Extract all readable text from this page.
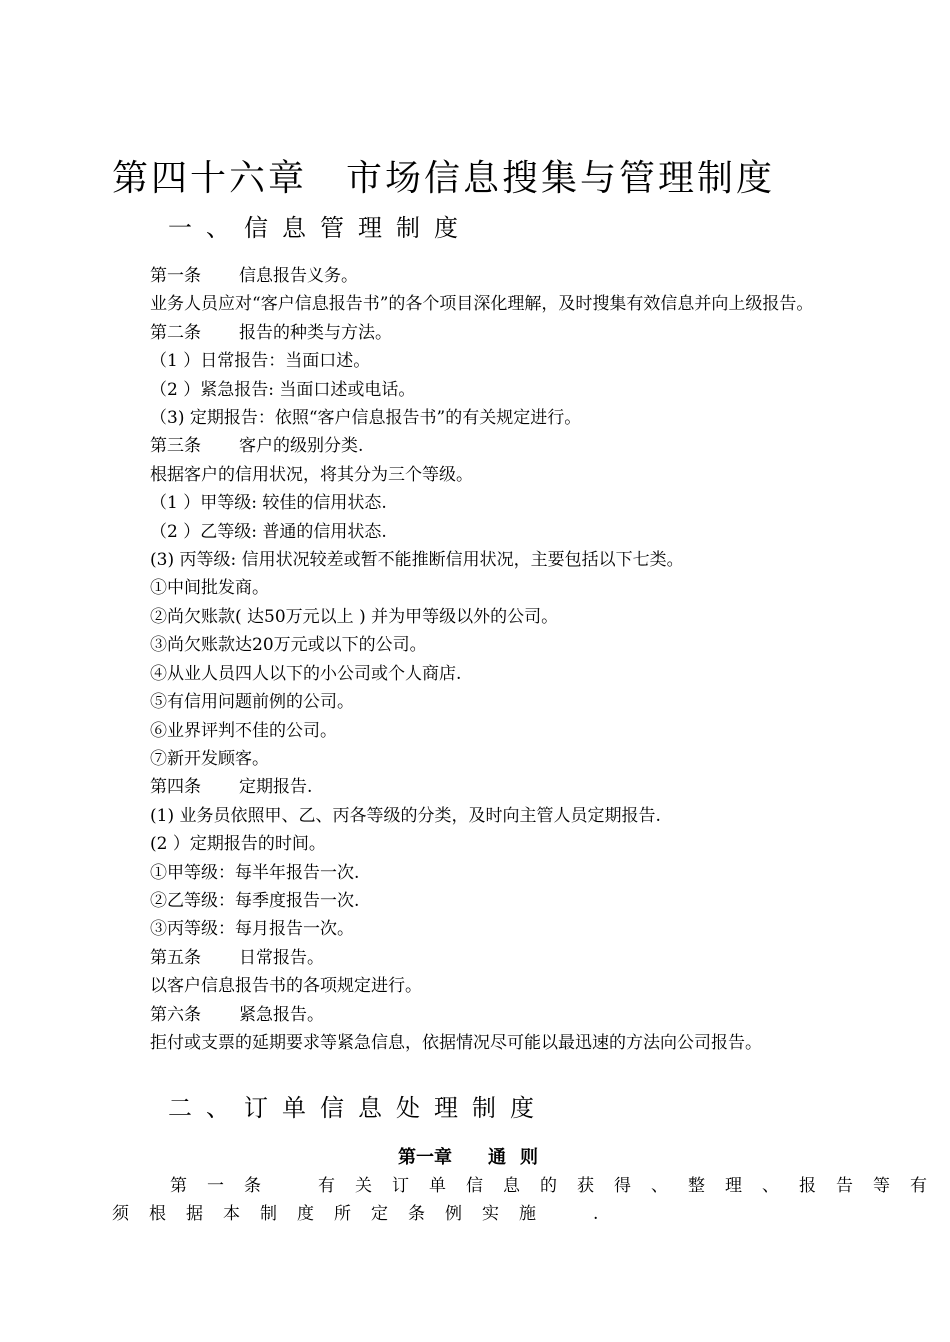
第四十六章　市场信息搜集与管理制度
一、信息管理制度

第一条 信息报告义务。

业务人员应对“客户信息报告书”的各个项目深化理解，及时搜集有效信息并向上级报告。

第二条 报告的种类与方法。

（1 ）日常报告：当面口述。

（2 ）紧急报告: 当面口述或电话。

（3) 定期报告：依照“客户信息报告书”的有关规定进行。

第三条 客户的级别分类.

根据客户的信用状况，将其分为三个等级。

（1 ）甲等级: 较佳的信用状态.

（2 ）乙等级: 普通的信用状态.

(3) 丙等级: 信用状况较差或暂不能推断信用状况，主要包括以下七类。

①中间批发商。

②尚欠账款( 达50万元以上 ) 并为甲等级以外的公司。

③尚欠账款达20万元或以下的公司。

④从业人员四人以下的小公司或个人商店.

⑤有信用问题前例的公司。

⑥业界评判不佳的公司。

⑦新开发顾客。

第四条 定期报告.

(1) 业务员依照甲、乙、丙各等级的分类，及时向主管人员定期报告.

(2 ）定期报告的时间。

①甲等级：每半年报告一次.

②乙等级：每季度报告一次.

③丙等级：每月报告一次。

第五条 日常报告。

以客户信息报告书的各项规定进行。

第六条 紧急报告。

拒付或支票的延期要求等紧急信息，依据情况尽可能以最迅速的方法向公司报告。

二、订单信息处理制度

第一章 通则

第一条　有关订单信息的获得、整理、报告等有

须根据本制度所定条例实施　.
